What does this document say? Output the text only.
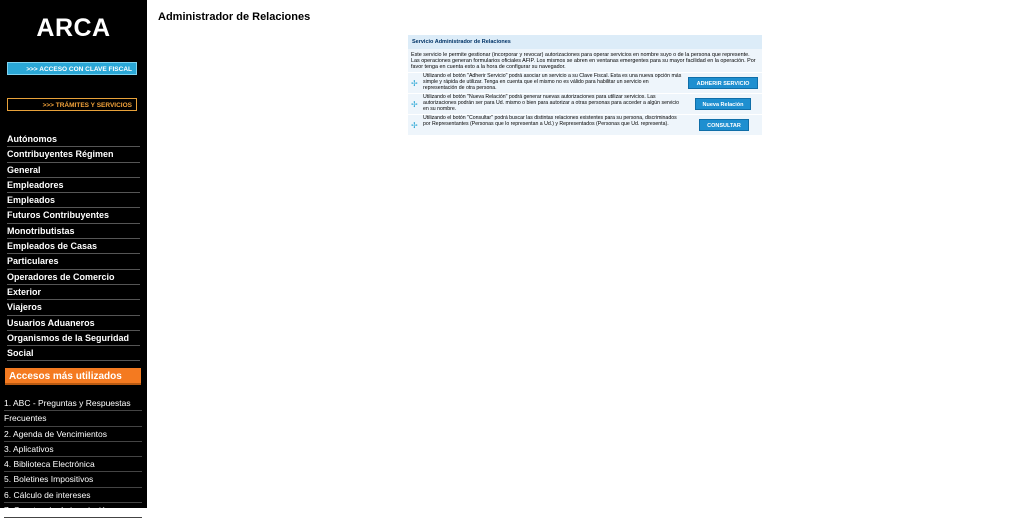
ARCA
>>> ACCESO CON CLAVE FISCAL
>>> TRÁMITES Y SERVICIOS
Autónomos
Contribuyentes Régimen
General
Empleadores
Empleados
Futuros Contribuyentes
Monotributistas
Empleados de Casas
Particulares
Operadores de Comercio
Exterior
Viajeros
Usuarios Aduaneros
Organismos de la Seguridad
Social
Accesos más utilizados
1. ABC - Preguntas y Respuestas
Frecuentes
2. Agenda de Vencimientos
3. Aplicativos
4. Biblioteca Electrónica
5. Boletines Impositivos
6. Cálculo de intereses
7. Constancia de inscripción
Administrador de Relaciones
Servicio Administrador de Relaciones
Este servicio le permite gestionar (incorporar y revocar) autorizaciones para operar servicios en nombre suyo o de la persona que represente. Las operaciones generan formularios oficiales AFIP. Los mismos se abren en ventanas emergentes para su mayor facilidad en la operación. Por favor tenga en cuenta esto a la hora de configurar su navegador.
✢
Utilizando el botón "Adherir Servicio" podrá asociar un servicio a su Clave Fiscal. Esta es una nueva opción más simple y rápida de utilizar. Tenga en cuenta que el mismo no es válido para habilitar un servicio en representación de otra persona.
ADHERIR SERVICIO
✢
Utilizando el botón "Nueva Relación" podrá generar nuevas autorizaciones para utilizar servicios. Las autorizaciones podrán ser para Ud. mismo o bien para autorizar a otras personas para acceder a algún servicio en su nombre.
Nueva Relación
✢
Utilizando el botón "Consultar" podrá buscar las distintas relaciones existentes para su persona, discriminados por Representantes (Personas que lo representan a Ud.) y Representados (Personas que Ud. representa).	CONSULTAR
